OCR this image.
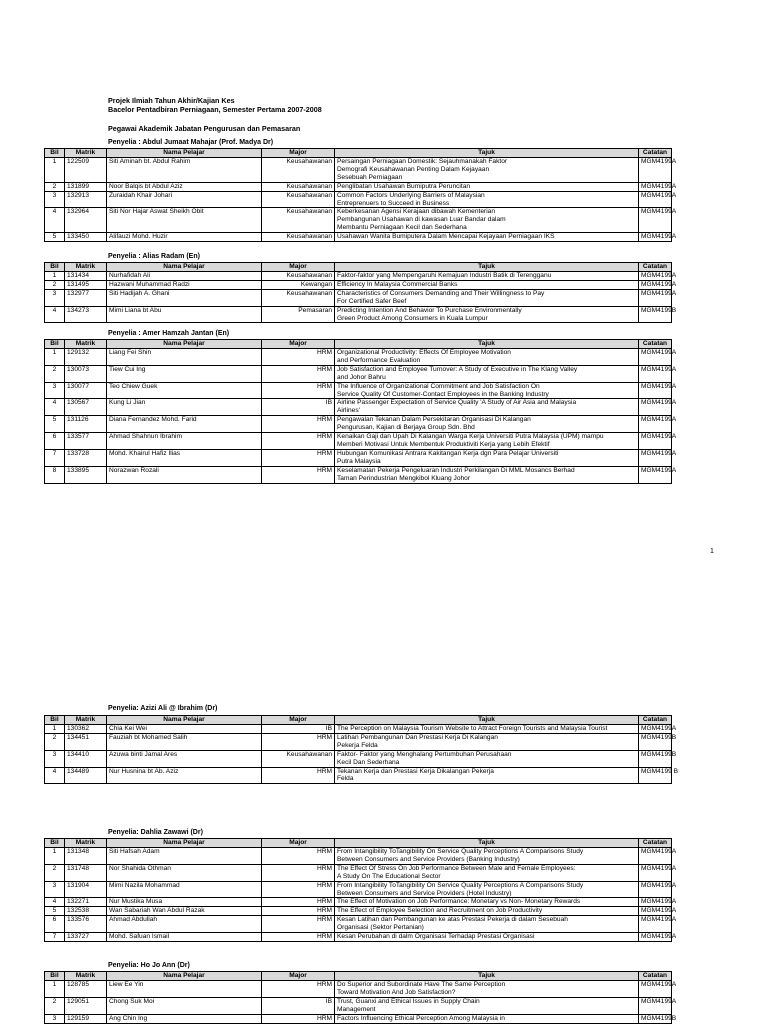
Projek Ilmiah Tahun Akhir/Kajian Kes
Bacelor Pentadbiran Perniagaan, Semester Pertama 2007-2008
Pegawai Akademik Jabatan Pengurusan dan Pemasaran
Penyelia : Abdul Jumaat Mahajar (Prof. Madya Dr)
Bil	Matrik	Nama Pelajar	Major	Tajuk	Catatan
1	122509	Siti Aminah bt. Abdul Rahim	Keusahawanan	Persaingan Perniagaan Domestik: Sejauhmanakah Faktor
Demografi Keusahawanan Penting Dalam Kejayaan
Sesebuah Perniagaan	MGM4199A
2	131899	Noor Balqis bt Abdul Aziz	Keusahawanan	Penglibatan Usahawan Bumiputra Peruncitan	MGM4199A
3	132913	Zuraidah Khair Johari	Keusahawanan	Common Factors Underlying Barriers of Malaysian
Entreprenuers to Succeed in Business	MGM4199A
4	132964	Siti Nor Hajar Aswat Sheikh Obit	Keusahawanan	Keberkesanan Agensi Kerajaan dibawah Kementerian
Pembangunan Usahawan di kawasan Luar Bandar dalam
Membantu Perniagaan Kecil dan Sederhana	MGM4199A
5	133450	Alifauzi Mohd. Huzir	Keusahawanan	Usahawan Wanita Bumiputera Dalam Mencapai Kejayaan Perniagaan IKS	MGM4199A
Penyelia : Alias Radam (En)
Bil	Matrik	Nama Pelajar	Major	Tajuk	Catatan
1	131434	Nurhafidah Ali	Keusahawanan	Faktor-faktor yang Mempengaruhi Kemajuan Industri Batik di Terengganu	MGM4199A
2	131495	Hazwani Muhammad Radzi	Kewangan	Efficiency In Malaysia Commercial Banks	MGM4199A
3	132977	Siti Hadijah A. Ghani	Keusahawanan	Characteristics of Consumers Demanding and Their Willingness to Pay
For Certified Safer Beef	MGM4199A
4	134273	Mimi Liana bt Abu	Pemasaran	Predicting Intention And Behavior To Purchase Environmentally
Green Product Among Consumers in Kuala Lumpur	MGM4199B
Penyelia : Amer Hamzah Jantan (En)
Bil	Matrik	Nama Pelajar	Major	Tajuk	Catatan
1	129132	Liang Fei Shin	HRM	Organizational Productivity: Effects Of Employee Motivation
and Performance Evaluation	MGM4199A
2	130073	Tiew Cui Ing	HRM	Job Satisfaction and Employee Turnover: A Study of Executive in The Klang Valley
and Johor Bahru	MGM4199A
3	130077	Teo Chiew Guek	HRM	The Influence of Organizational Commitment and Job Satisfaction On
Service Quality Of Customer-Contact Employees in the Banking Industry	MGM4199A
4	130567	Kung Li Jian	IB	Airline Passenger Expectation of Service Quality 'A Study of Air Asia and Malaysia
Airlines'	MGM4199A
5	131126	Diana Fernandez Mohd. Farid	HRM	Pengawalan Tekanan Dalam Persekitaran Organisasi Di Kalangan
Pengurusan, Kajian di Berjaya Group Sdn. Bhd	MGM4199A
6	133577	Ahmad Shahnun Ibrahim	HRM	Kenaikan Gaji dan Upah Di Kalangan Warga Kerja Universiti Putra Malaysia (UPM) mampu
Memberi Motivasi Untuk Membentuk Produktiviti Kerja yang Lebih Efektif	MGM4199A
7	133728	Mohd. Khairul Hafiz Ilias	HRM	Hubungan Komunikasi Antrara Kakitangan Kerja dgn Para Pelajar Universiti
Putra Malaysia	MGM4199A
8	133895	Norazwan Rozali	HRM	Keselamatan Pekerja Pengeluaran Industri Perkilangan Di MML Mosancs Berhad
Taman Perindustrian Mengkibol Kluang Johor	MGM4199A
Penyelia: Azizi Ali @ Ibrahim (Dr)
Bil	Matrik	Nama Pelajar	Major	Tajuk	Catatan
1	130362	Chia Kei Wei	IB	The Perception on Malaysia Tourism Website to Attract Foreign Tourists and Malaysia Tourist	MGM4199A
2	134451	Fauziah bt Mohamed Salih	HRM	Latihan Pembangunan Dan Prestasi Kerja Di Kalangan
Pekerja Felda	MGM4199B
3	134410	Azuwa binti Jamal Ares	Keusahawanan	Faktor- Faktor yang Menghalang Pertumbuhan Perusahaan
Kecil Dan Sederhana	MGM4199B
4	134489	Nur Husnina bt Ab. Aziz	HRM	Tekanan Kerja dan Prestasi Kerja Dikalangan Pekerja
Felda	MGM4199 B
Penyelia: Dahlia Zawawi (Dr)
Bil	Matrik	Nama Pelajar	Major	Tajuk	Catatan
1	131348	Siti Hafsah Adam	HRM	From Intangibility ToTangibility On Service Quality Perceptions A Comparisons Study
Between Consumers and Service Providers (Banking Industry)	MGM4199A
2	131748	Nor Shahida Othman	HRM	The Effect Of Stress On Job Performance Between Male and Female Employees:
A Study On The Educational Sector	MGM4199A
3	131904	Mimi Nazila Mohammad	HRM	From Intangibility ToTangibility On Service Quality Perceptions A Comparisons Study
Between Consumers and Service Providers (Hotel Industry)	MGM4199A
4	132271	Nur Mustika Musa	HRM	The Effect of Motivation on Job Performance: Monetary vs Non- Monetary Rewards	MGM4199A
5	132538	Wan Sabariah Wan Abdul Razak	HRM	The Effect of Employee Selection and Recruitment on Job Productivity	MGM4199A
6	133576	Ahmad Abdullah	HRM	Kesan Latihan dan Pembangunan ke atas Prestasi Pekerja di dalam Sesebuah
Organisasi (Sektor Pertanian)	MGM4199A
7	133727	Mohd. Safuan Ismail	HRM	Kesan Perubahan di dalm Organisasi Terhadap Prestasi Organisasi	MGM4199A
Penyelia: Ho Jo Ann (Dr)
Bil	Matrik	Nama Pelajar	Major	Tajuk	Catatan
1	128785	Liew Ee Yin	HRM	Do Superior and Subordinate Have The Same Perception
Toward Motivation And Job Satisfaction?	MGM4199A
2	129051	Chong Suk Moi	IB	Trust, Guanxi and Ethical Issues in Supply Chain
Management	MGM4199A
3	129159	Ang Chin Ing	HRM	Factors Influencing Ethical Perception Among Malaysia in	MGM4199B
1
